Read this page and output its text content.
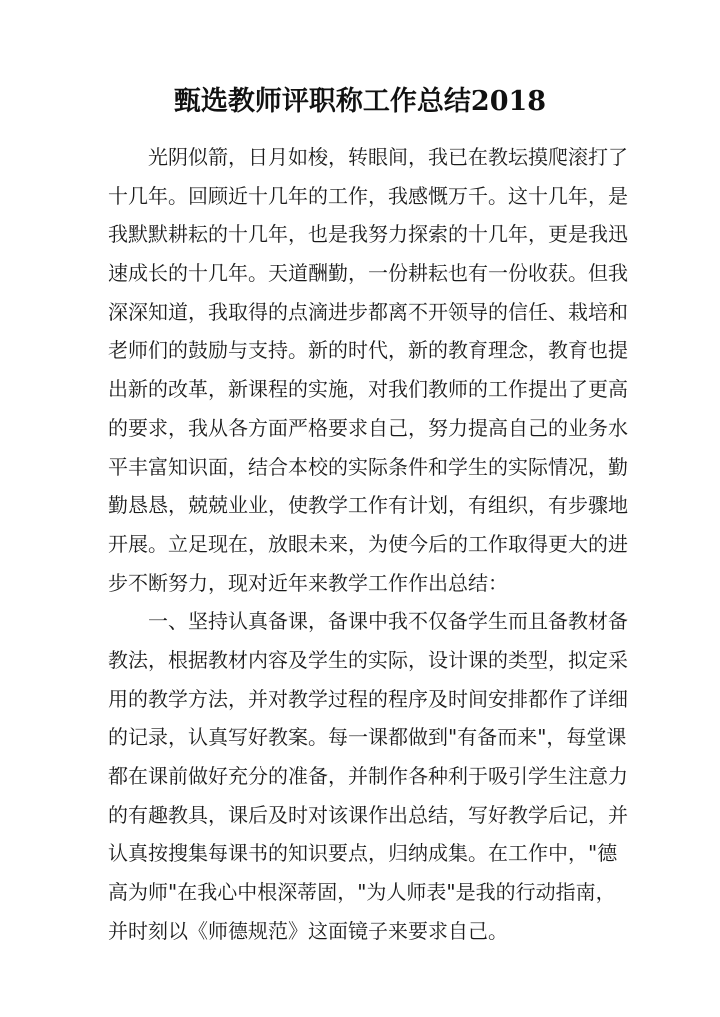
甄选教师评职称工作总结2018
光阴似箭，日月如梭，转眼间，我已在教坛摸爬滚打了
十几年。回顾近十几年的工作，我感慨万千。这十几年，是
我默默耕耘的十几年，也是我努力探索的十几年，更是我迅
速成长的十几年。天道酬勤，一份耕耘也有一份收获。但我
深深知道，我取得的点滴进步都离不开领导的信任、栽培和
老师们的鼓励与支持。新的时代，新的教育理念，教育也提
出新的改革，新课程的实施，对我们教师的工作提出了更高
的要求，我从各方面严格要求自己，努力提高自己的业务水
平丰富知识面，结合本校的实际条件和学生的实际情况，勤
勤恳恳，兢兢业业，使教学工作有计划，有组织，有步骤地
开展。立足现在，放眼未来，为使今后的工作取得更大的进
步不断努力，现对近年来教学工作作出总结：
一、坚持认真备课，备课中我不仅备学生而且备教材备
教法，根据教材内容及学生的实际，设计课的类型，拟定采
用的教学方法，并对教学过程的程序及时间安排都作了详细
的记录，认真写好教案。每一课都做到"有备而来"，每堂课
都在课前做好充分的准备，并制作各种利于吸引学生注意力
的有趣教具，课后及时对该课作出总结，写好教学后记，并
认真按搜集每课书的知识要点，归纳成集。在工作中，"德
高为师"在我心中根深蒂固，"为人师表"是我的行动指南，
并时刻以《师德规范》这面镜子来要求自己。
